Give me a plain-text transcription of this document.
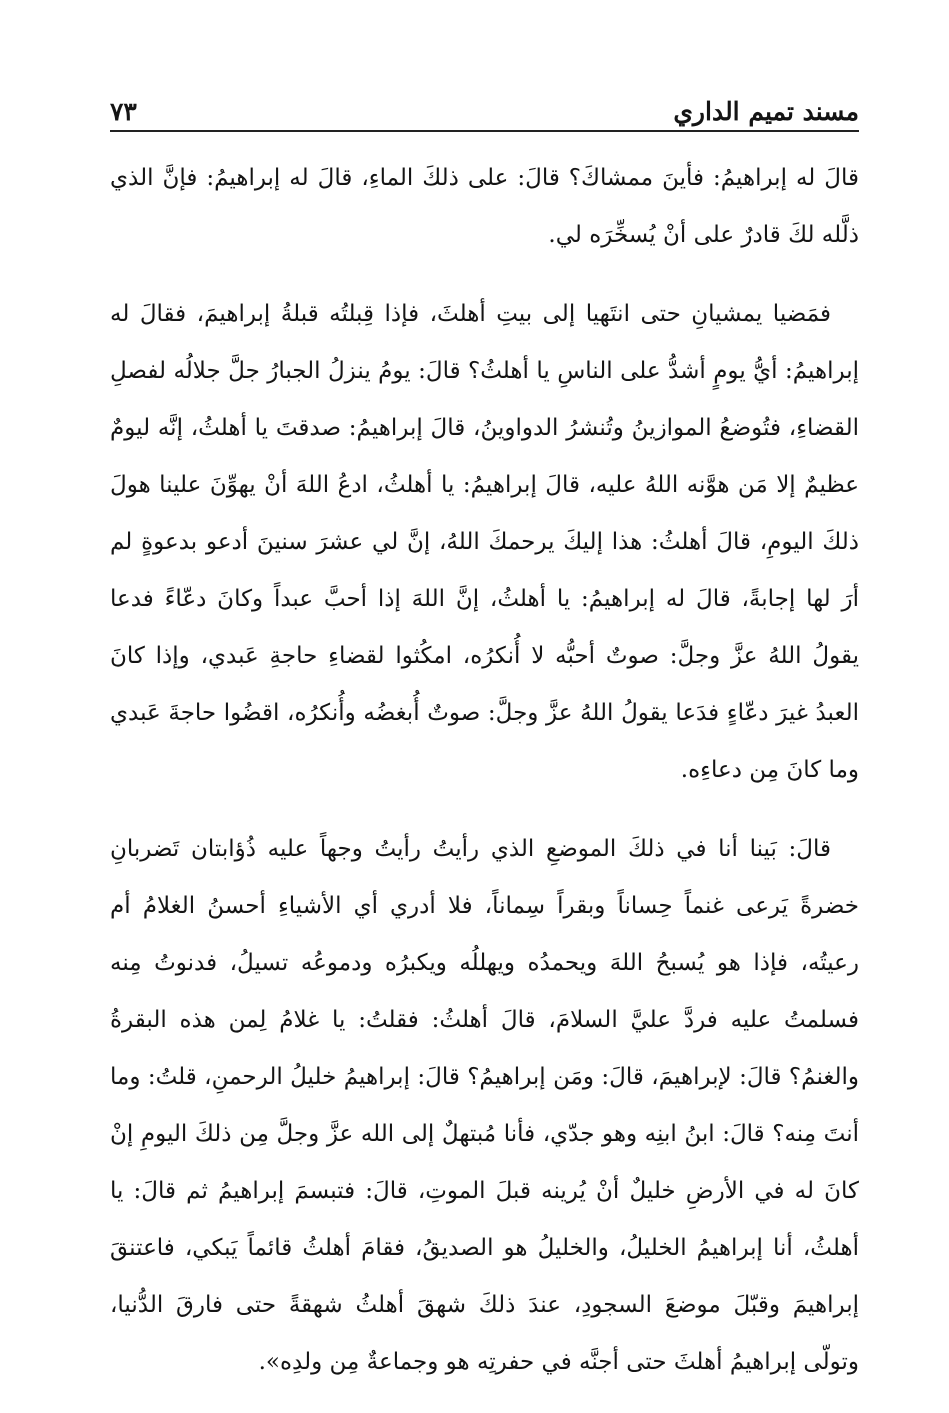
مسند تميم الداري
٧٣

قالَ له إبراهيمُ: فأينَ ممشاكَ؟ قالَ: على ذلكَ الماءِ، قالَ له إبراهيمُ: فإنَّ الذي ذلَّله لكَ قادرٌ على أنْ يُسخِّرَه لي.

فمَضيا يمشيانِ حتى انتَهيا إلى بيتِ أهلثَ، فإذا قِبلتُه قبلةُ إبراهيمَ، فقالَ له إبراهيمُ: أيُّ يومٍ أشدُّ على الناسِ يا أهلثُ؟ قالَ: يومُ ينزلُ الجبارُ جلَّ جلالُه لفصلِ القضاءِ، فتُوضعُ الموازينُ وتُنشرُ الدواوينُ، قالَ إبراهيمُ: صدقتَ يا أهلثُ، إنَّه ليومٌ عظيمٌ إلا مَن هوَّنه اللهُ عليه، قالَ إبراهيمُ: يا أهلثُ، ادعُ اللهَ أنْ يهوِّنَ علينا هولَ ذلكَ اليومِ، قالَ أهلثُ: هذا إليكَ يرحمكَ اللهُ، إنَّ لي عشرَ سنينَ أدعو بدعوةٍ لم أرَ لها إجابةً، قالَ له إبراهيمُ: يا أهلثُ، إنَّ اللهَ إذا أحبَّ عبداً وكانَ دعّاءً فدعا يقولُ اللهُ عزَّ وجلَّ: صوتٌ أحبُّه لا أُنكرُه، امكُثوا لقضاءِ حاجةِ عَبدي، وإذا كانَ العبدُ غيرَ دعّاءٍ فدَعا يقولُ اللهُ عزَّ وجلَّ: صوتٌ أُبغضُه وأُنكرُه، اقضُوا حاجةَ عَبدي وما كانَ مِن دعاءِه.

قالَ: بَينا أنا في ذلكَ الموضعِ الذي رأيتُ رأيتُ وجهاً عليه ذُؤابتان تَضربانِ خضرةً يَرعى غنماً حِساناً وبقراً سِماناً، فلا أدري أي الأشياءِ أحسنُ الغلامُ أم رعيتُه، فإذا هو يُسبحُ اللهَ ويحمدُه ويهللُه ويكبرُه ودموعُه تسيلُ، فدنوتُ مِنه فسلمتُ عليه فردَّ عليَّ السلامَ، قالَ أهلثُ: فقلتُ: يا غلامُ لِمن هذه البقرةُ والغنمُ؟ قالَ: لإبراهيمَ، قالَ: ومَن إبراهيمُ؟ قالَ: إبراهيمُ خليلُ الرحمنِ، قلتُ: وما أنتَ مِنه؟ قالَ: ابنُ ابنِه وهو جدّي، فأنا مُبتهلٌ إلى الله عزَّ وجلَّ مِن ذلكَ اليومِ إنْ كانَ له في الأرضِ خليلٌ أنْ يُرينه قبلَ الموتِ، قالَ: فتبسمَ إبراهيمُ ثم قالَ: يا أهلثُ، أنا إبراهيمُ الخليلُ، والخليلُ هو الصديقُ، فقامَ أهلثُ قائماً يَبكي، فاعتنقَ إبراهيمَ وقبّلَ موضعَ السجودِ، عندَ ذلكَ شهقَ أهلثُ شهقةً حتى فارقَ الدُّنيا، وتولّى إبراهيمُ أهلثَ حتى أجنَّه في حفرتِه هو وجماعةٌ مِن ولدِه».
